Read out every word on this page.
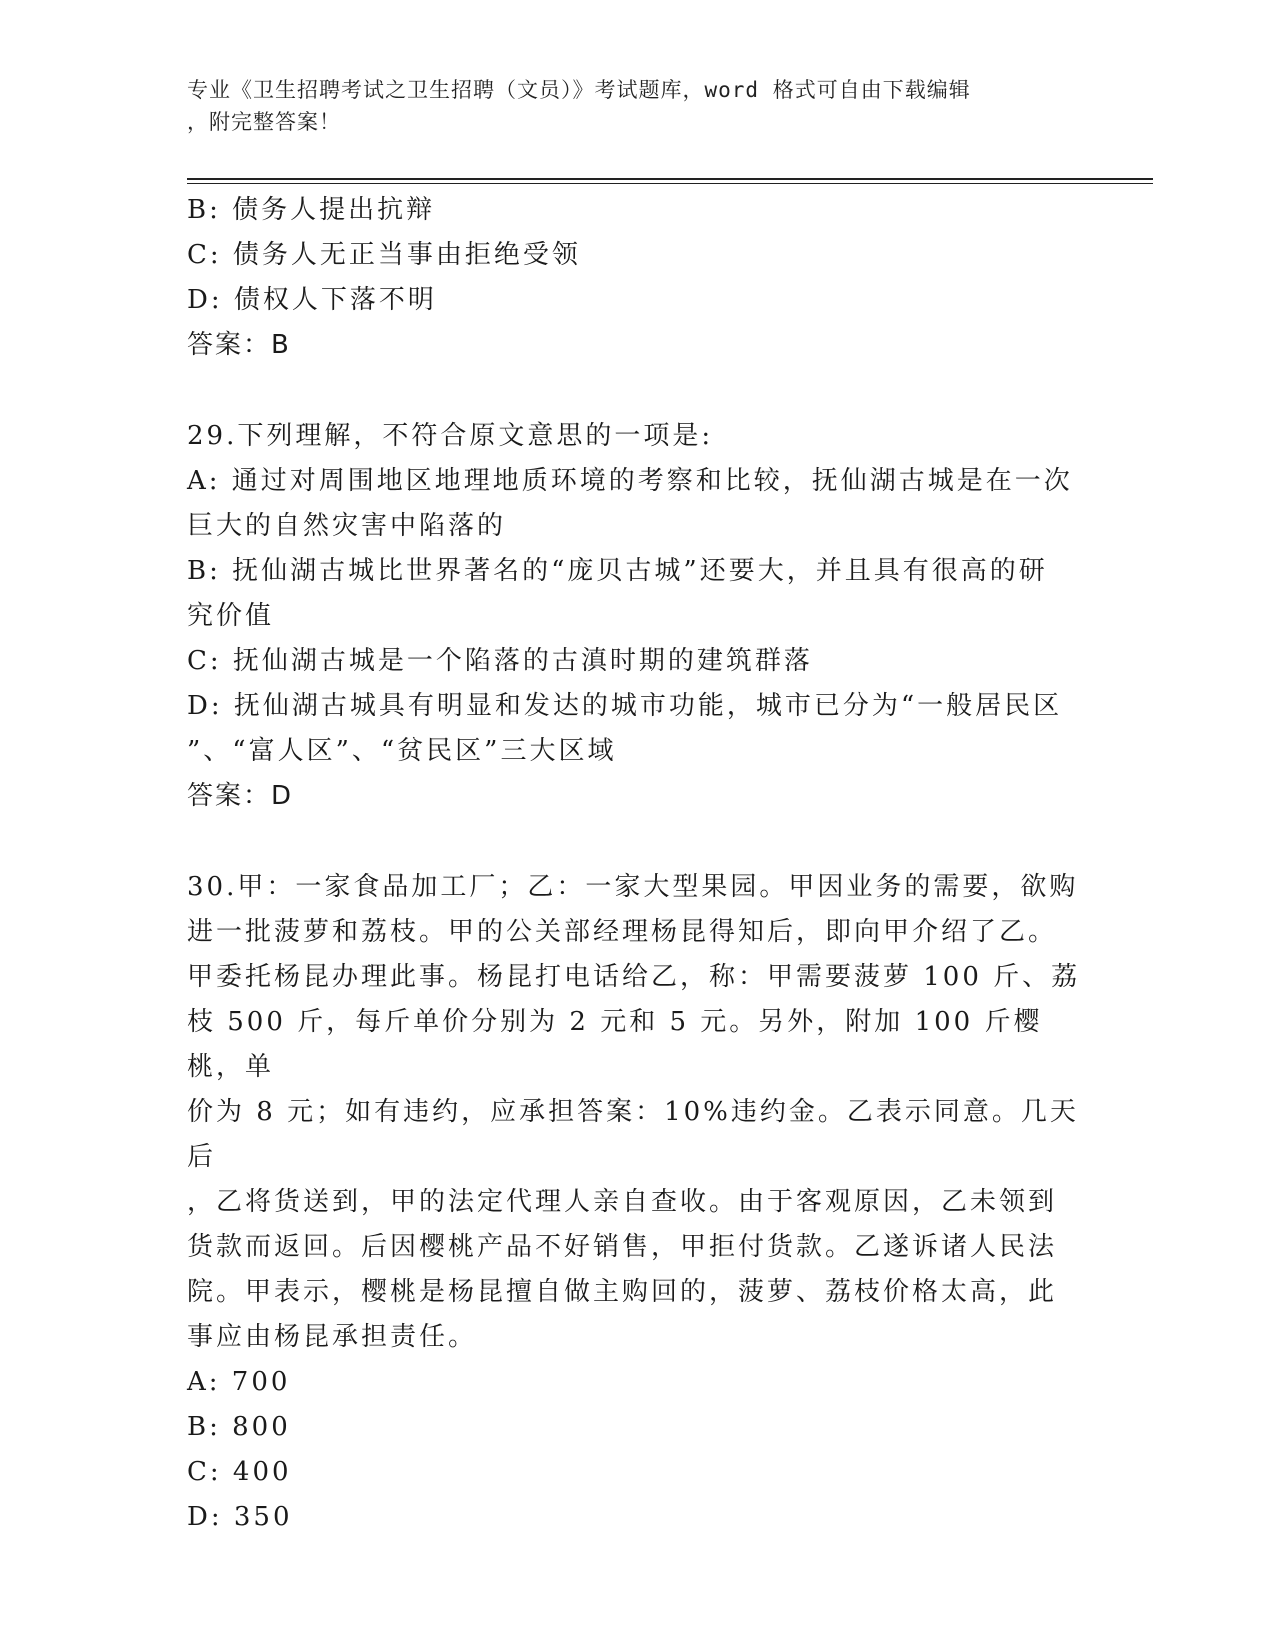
专业《卫生招聘考试之卫生招聘（文员）》考试题库，word 格式可自由下载编辑
，附完整答案！

B: 债务人提出抗辩

C: 债务人无正当事由拒绝受领

D: 债权人下落不明

答案：B

29.下列理解，不符合原文意思的一项是:

A: 通过对周围地区地理地质环境的考察和比较，抚仙湖古城是在一次

巨大的自然灾害中陷落的

B: 抚仙湖古城比世界著名的“庞贝古城”还要大，并且具有很高的研

究价值

C: 抚仙湖古城是一个陷落的古滇时期的建筑群落

D: 抚仙湖古城具有明显和发达的城市功能，城市已分为“一般居民区

”、“富人区”、“贫民区”三大区域

答案：D

30.甲：一家食品加工厂；乙：一家大型果园。甲因业务的需要，欲购

进一批菠萝和荔枝。甲的公关部经理杨昆得知后，即向甲介绍了乙。

甲委托杨昆办理此事。杨昆打电话给乙，称：甲需要菠萝 100 斤、荔

枝 500 斤，每斤单价分别为 2 元和 5 元。另外，附加 100 斤樱桃，单

价为 8 元；如有违约，应承担答案：10%违约金。乙表示同意。几天后

，乙将货送到，甲的法定代理人亲自查收。由于客观原因，乙未领到

货款而返回。后因樱桃产品不好销售，甲拒付货款。乙遂诉诸人民法

院。甲表示，樱桃是杨昆擅自做主购回的，菠萝、荔枝价格太高，此

事应由杨昆承担责任。

A: 700

B: 800

C: 400

D: 350
